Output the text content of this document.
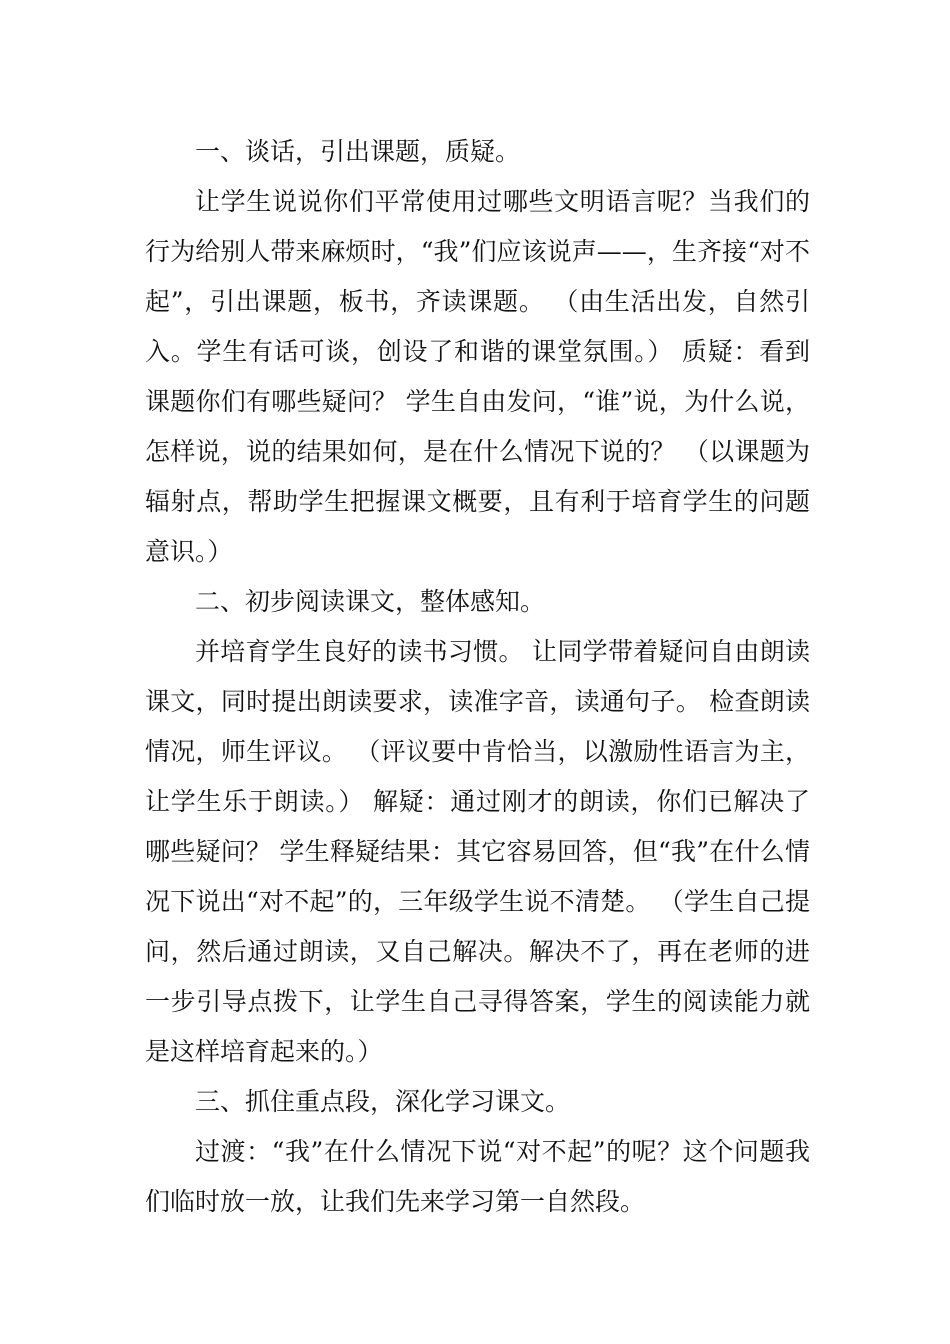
一、谈话，引出课题，质疑。

让学生说说你们平常使用过哪些文明语言呢？当我们的行为给别人带来麻烦时，“我”们应该说声——，生齐接“对不起”，引出课题，板书，齐读课题。 （由生活出发，自然引入。学生有话可谈，创设了和谐的课堂氛围。） 质疑：看到课题你们有哪些疑问？ 学生自由发问，“谁”说，为什么说，怎样说，说的结果如何，是在什么情况下说的？ （以课题为辐射点，帮助学生把握课文概要，且有利于培育学生的问题意识。）

二、初步阅读课文，整体感知。

并培育学生良好的读书习惯。 让同学带着疑问自由朗读课文，同时提出朗读要求，读准字音，读通句子。 检查朗读情况，师生评议。 （评议要中肯恰当，以激励性语言为主，让学生乐于朗读。） 解疑：通过刚才的朗读，你们已解决了哪些疑问？ 学生释疑结果：其它容易回答，但“我”在什么情况下说出“对不起”的，三年级学生说不清楚。 （学生自己提问，然后通过朗读，又自己解决。解决不了，再在老师的进一步引导点拨下，让学生自己寻得答案，学生的阅读能力就是这样培育起来的。）

三、抓住重点段，深化学习课文。

过渡：“我”在什么情况下说“对不起”的呢？这个问题我们临时放一放，让我们先来学习第一自然段。
